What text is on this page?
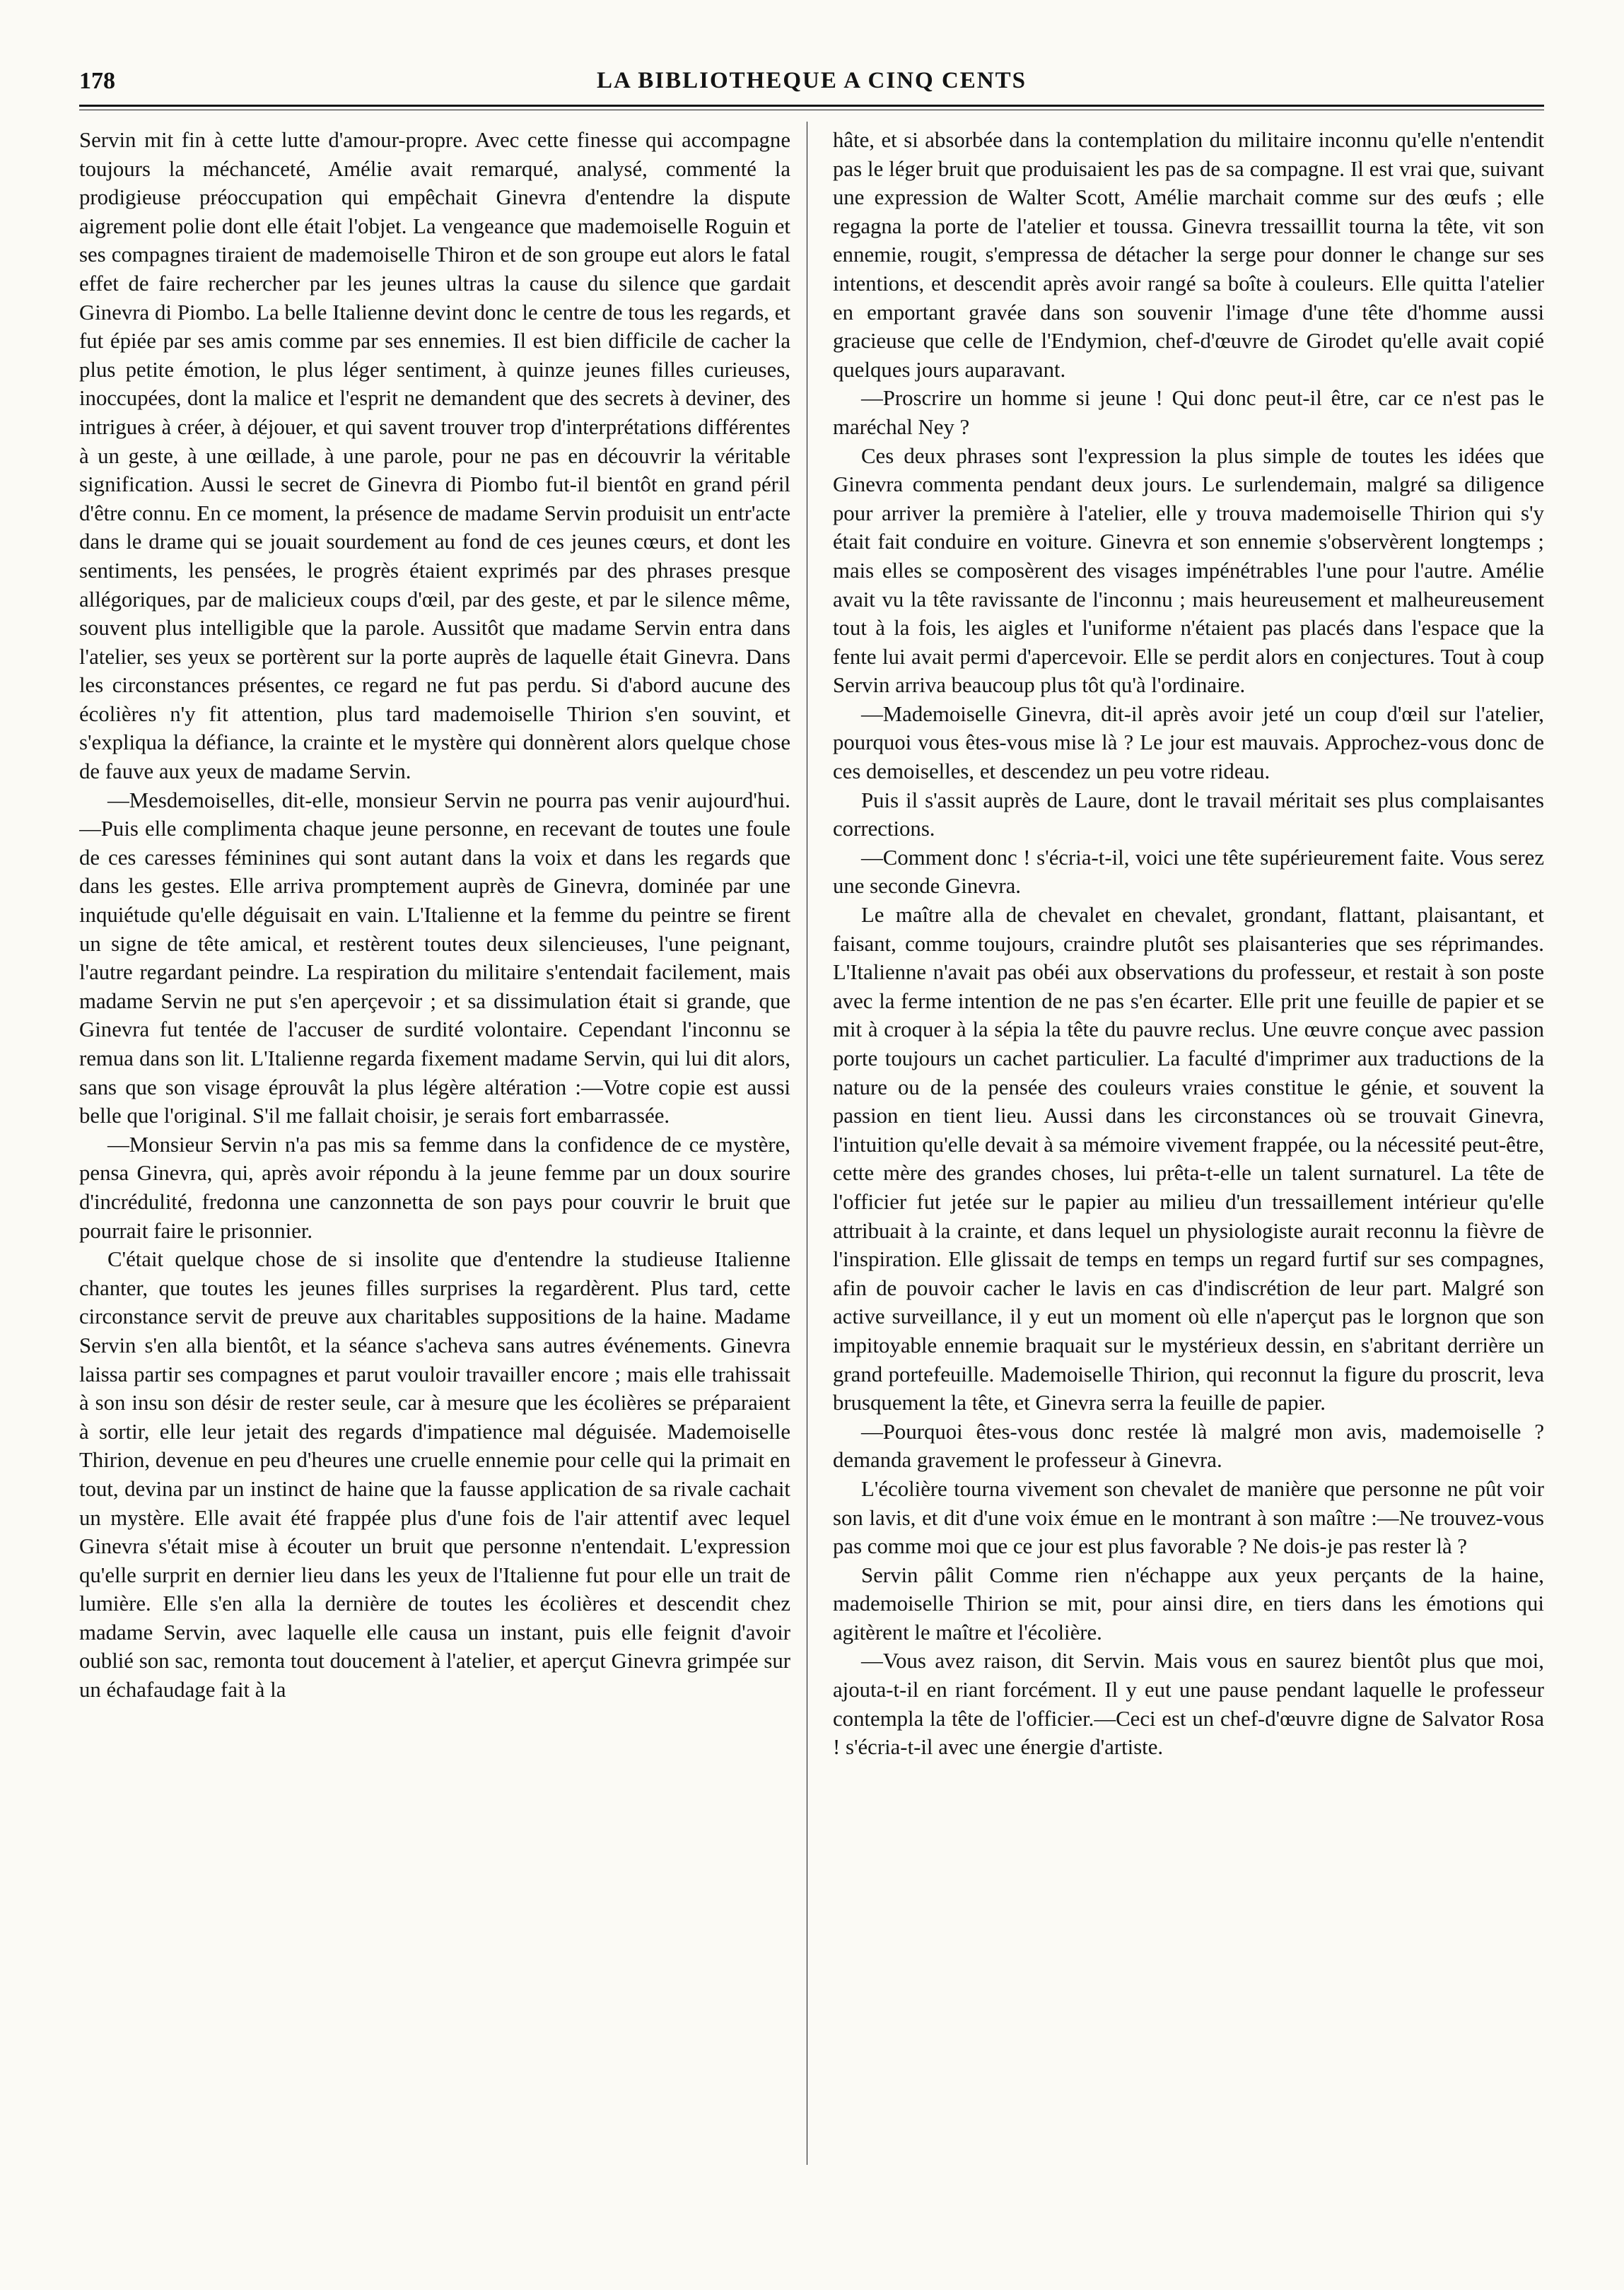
LA BIBLIOTHEQUE A CINQ CENTS
178

Servin mit fin à cette lutte d'amour-propre. Avec cette finesse qui accompagne toujours la méchanceté, Amélie avait remarqué, analysé, commenté la prodigieuse préoccupation qui empêchait Ginevra d'entendre la dispute aigrement polie dont elle était l'objet. La vengeance que mademoiselle Roguin et ses compagnes tiraient de mademoiselle Thiron et de son groupe eut alors le fatal effet de faire rechercher par les jeunes ultras la cause du silence que gardait Ginevra di Piombo. La belle Italienne devint donc le centre de tous les regards, et fut épiée par ses amis comme par ses ennemies. Il est bien difficile de cacher la plus petite émotion, le plus léger sentiment, à quinze jeunes filles curieuses, inoccupées, dont la malice et l'esprit ne demandent que des secrets à deviner, des intrigues à créer, à déjouer, et qui savent trouver trop d'interprétations différentes à un geste, à une œillade, à une parole, pour ne pas en découvrir la véritable signification. Aussi le secret de Ginevra di Piombo fut-il bientôt en grand péril d'être connu. En ce moment, la présence de madame Servin produisit un entr'acte dans le drame qui se jouait sourdement au fond de ces jeunes cœurs, et dont les sentiments, les pensées, le progrès étaient exprimés par des phrases presque allégoriques, par de malicieux coups d'œil, par des geste, et par le silence même, souvent plus intelligible que la parole. Aussitôt que madame Servin entra dans l'atelier, ses yeux se portèrent sur la porte auprès de laquelle était Ginevra. Dans les circonstances présentes, ce regard ne fut pas perdu. Si d'abord aucune des écolières n'y fit attention, plus tard mademoiselle Thirion s'en souvint, et s'expliqua la défiance, la crainte et le mystère qui donnèrent alors quelque chose de fauve aux yeux de madame Servin.

—Mesdemoiselles, dit-elle, monsieur Servin ne pourra pas venir aujourd'hui. —Puis elle complimenta chaque jeune personne, en recevant de toutes une foule de ces caresses féminines qui sont autant dans la voix et dans les regards que dans les gestes. Elle arriva promptement auprès de Ginevra, dominée par une inquiétude qu'elle déguisait en vain. L'Italienne et la femme du peintre se firent un signe de tête amical, et restèrent toutes deux silencieuses, l'une peignant, l'autre regardant peindre. La respiration du militaire s'entendait facilement, mais madame Servin ne put s'en aperçevoir ; et sa dissimulation était si grande, que Ginevra fut tentée de l'accuser de surdité volontaire. Cependant l'inconnu se remua dans son lit. L'Italienne regarda fixement madame Servin, qui lui dit alors, sans que son visage éprouvât la plus légère altération :—Votre copie est aussi belle que l'original. S'il me fallait choisir, je serais fort embarrassée.

—Monsieur Servin n'a pas mis sa femme dans la confidence de ce mystère, pensa Ginevra, qui, après avoir répondu à la jeune femme par un doux sourire d'incrédulité, fredonna une canzonnetta de son pays pour couvrir le bruit que pourrait faire le prisonnier.

C'était quelque chose de si insolite que d'entendre la studieuse Italienne chanter, que toutes les jeunes filles surprises la regardèrent. Plus tard, cette circonstance servit de preuve aux charitables suppositions de la haine. Madame Servin s'en alla bientôt, et la séance s'acheva sans autres événements. Ginevra laissa partir ses compagnes et parut vouloir travailler encore ; mais elle trahissait à son insu son désir de rester seule, car à mesure que les écolières se préparaient à sortir, elle leur jetait des regards d'impatience mal déguisée. Mademoiselle Thirion, devenue en peu d'heures une cruelle ennemie pour celle qui la primait en tout, devina par un instinct de haine que la fausse application de sa rivale cachait un mystère. Elle avait été frappée plus d'une fois de l'air attentif avec lequel Ginevra s'était mise à écouter un bruit que personne n'entendait. L'expression qu'elle surprit en dernier lieu dans les yeux de l'Italienne fut pour elle un trait de lumière. Elle s'en alla la dernière de toutes les écolières et descendit chez madame Servin, avec laquelle elle causa un instant, puis elle feignit d'avoir oublié son sac, remonta tout doucement à l'atelier, et aperçut Ginevra grimpée sur un échafaudage fait à la

hâte, et si absorbée dans la contemplation du militaire inconnu qu'elle n'entendit pas le léger bruit que produisaient les pas de sa compagne. Il est vrai que, suivant une expression de Walter Scott, Amélie marchait comme sur des œufs ; elle regagna la porte de l'atelier et toussa. Ginevra tressaillit tourna la tête, vit son ennemie, rougit, s'empressa de détacher la serge pour donner le change sur ses intentions, et descendit après avoir rangé sa boîte à couleurs. Elle quitta l'atelier en emportant gravée dans son souvenir l'image d'une tête d'homme aussi gracieuse que celle de l'Endymion, chef-d'œuvre de Girodet qu'elle avait copié quelques jours auparavant.

—Proscrire un homme si jeune ! Qui donc peut-il être, car ce n'est pas le maréchal Ney ?

Ces deux phrases sont l'expression la plus simple de toutes les idées que Ginevra commenta pendant deux jours. Le surlendemain, malgré sa diligence pour arriver la première à l'atelier, elle y trouva mademoiselle Thirion qui s'y était fait conduire en voiture. Ginevra et son ennemie s'observèrent longtemps ; mais elles se composèrent des visages impénétrables l'une pour l'autre. Amélie avait vu la tête ravissante de l'inconnu ; mais heureusement et malheureusement tout à la fois, les aigles et l'uniforme n'étaient pas placés dans l'espace que la fente lui avait permi d'apercevoir. Elle se perdit alors en conjectures. Tout à coup Servin arriva beaucoup plus tôt qu'à l'ordinaire.

—Mademoiselle Ginevra, dit-il après avoir jeté un coup d'œil sur l'atelier, pourquoi vous êtes-vous mise là ? Le jour est mauvais. Approchez-vous donc de ces demoiselles, et descendez un peu votre rideau.

Puis il s'assit auprès de Laure, dont le travail méritait ses plus complaisantes corrections.

—Comment donc ! s'écria-t-il, voici une tête supérieurement faite. Vous serez une seconde Ginevra.

Le maître alla de chevalet en chevalet, grondant, flattant, plaisantant, et faisant, comme toujours, craindre plutôt ses plaisanteries que ses réprimandes. L'Italienne n'avait pas obéi aux observations du professeur, et restait à son poste avec la ferme intention de ne pas s'en écarter. Elle prit une feuille de papier et se mit à croquer à la sépia la tête du pauvre reclus. Une œuvre conçue avec passion porte toujours un cachet particulier. La faculté d'imprimer aux traductions de la nature ou de la pensée des couleurs vraies constitue le génie, et souvent la passion en tient lieu. Aussi dans les circonstances où se trouvait Ginevra, l'intuition qu'elle devait à sa mémoire vivement frappée, ou la nécessité peut-être, cette mère des grandes choses, lui prêta-t-elle un talent surnaturel. La tête de l'officier fut jetée sur le papier au milieu d'un tressaillement intérieur qu'elle attribuait à la crainte, et dans lequel un physiologiste aurait reconnu la fièvre de l'inspiration. Elle glissait de temps en temps un regard furtif sur ses compagnes, afin de pouvoir cacher le lavis en cas d'indiscrétion de leur part. Malgré son active surveillance, il y eut un moment où elle n'aperçut pas le lorgnon que son impitoyable ennemie braquait sur le mystérieux dessin, en s'abritant derrière un grand portefeuille. Mademoiselle Thirion, qui reconnut la figure du proscrit, leva brusquement la tête, et Ginevra serra la feuille de papier.

—Pourquoi êtes-vous donc restée là malgré mon avis, mademoiselle ? demanda gravement le professeur à Ginevra.

L'écolière tourna vivement son chevalet de manière que personne ne pût voir son lavis, et dit d'une voix émue en le montrant à son maître :—Ne trouvez-vous pas comme moi que ce jour est plus favorable ? Ne dois-je pas rester là ?

Servin pâlit Comme rien n'échappe aux yeux perçants de la haine, mademoiselle Thirion se mit, pour ainsi dire, en tiers dans les émotions qui agitèrent le maître et l'écolière.

—Vous avez raison, dit Servin. Mais vous en saurez bientôt plus que moi, ajouta-t-il en riant forcément. Il y eut une pause pendant laquelle le professeur contempla la tête de l'officier.—Ceci est un chef-d'œuvre digne de Salvator Rosa ! s'écria-t-il avec une énergie d'artiste.
